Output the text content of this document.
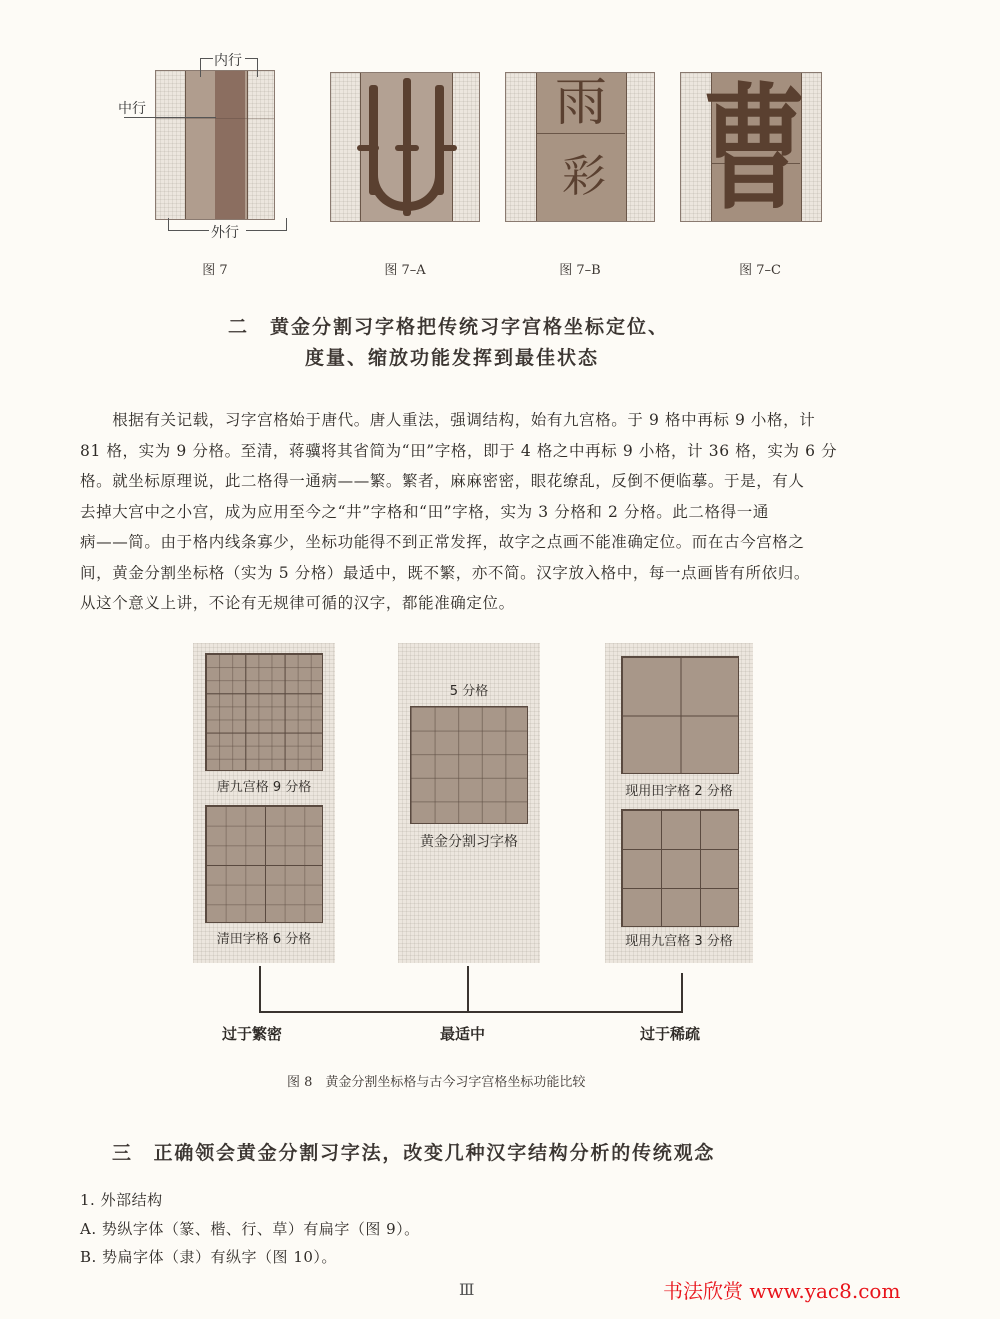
内行
中行
外行
雨
彩 曹
图 7	图 7–A	图 7–B	图 7–C
二　黄金分割习字格把传统习字宫格坐标定位、
度量、缩放功能发挥到最佳状态

　　根据有关记载，习字宫格始于唐代。唐人重法，强调结构，始有九宫格。于 9 格中再标 9 小格，计

81 格，实为 9 分格。至清，蒋骥将其省简为“田”字格，即于 4 格之中再标 9 小格，计 36 格，实为 6 分

格。就坐标原理说，此二格得一通病——繁。繁者，麻麻密密，眼花缭乱，反倒不便临摹。于是，有人

去掉大宫中之小宫，成为应用至今之“井”字格和“田”字格，实为 3 分格和 2 分格。此二格得一通

病——简。由于格内线条寡少，坐标功能得不到正常发挥，故字之点画不能准确定位。而在古今宫格之

间，黄金分割坐标格（实为 5 分格）最适中，既不繁，亦不简。汉字放入格中，每一点画皆有所依归。

从这个意义上讲，不论有无规律可循的汉字，都能准确定位。

唐九宫格 9 分格
清田字格 6 分格
5 分格
黄金分割习字格
现用田字格 2 分格
现用九宫格 3 分格
过于繁密	最适中	过于稀疏
图 8　黄金分割坐标格与古今习字宫格坐标功能比较
三　正确领会黄金分割习字法，改变几种汉字结构分析的传统观念
1. 外部结构
A. 势纵字体（篆、楷、行、草）有扁字（图 9）。
B. 势扁字体（隶）有纵字（图 10）。
Ⅲ	书法欣赏 www.yac8.com
